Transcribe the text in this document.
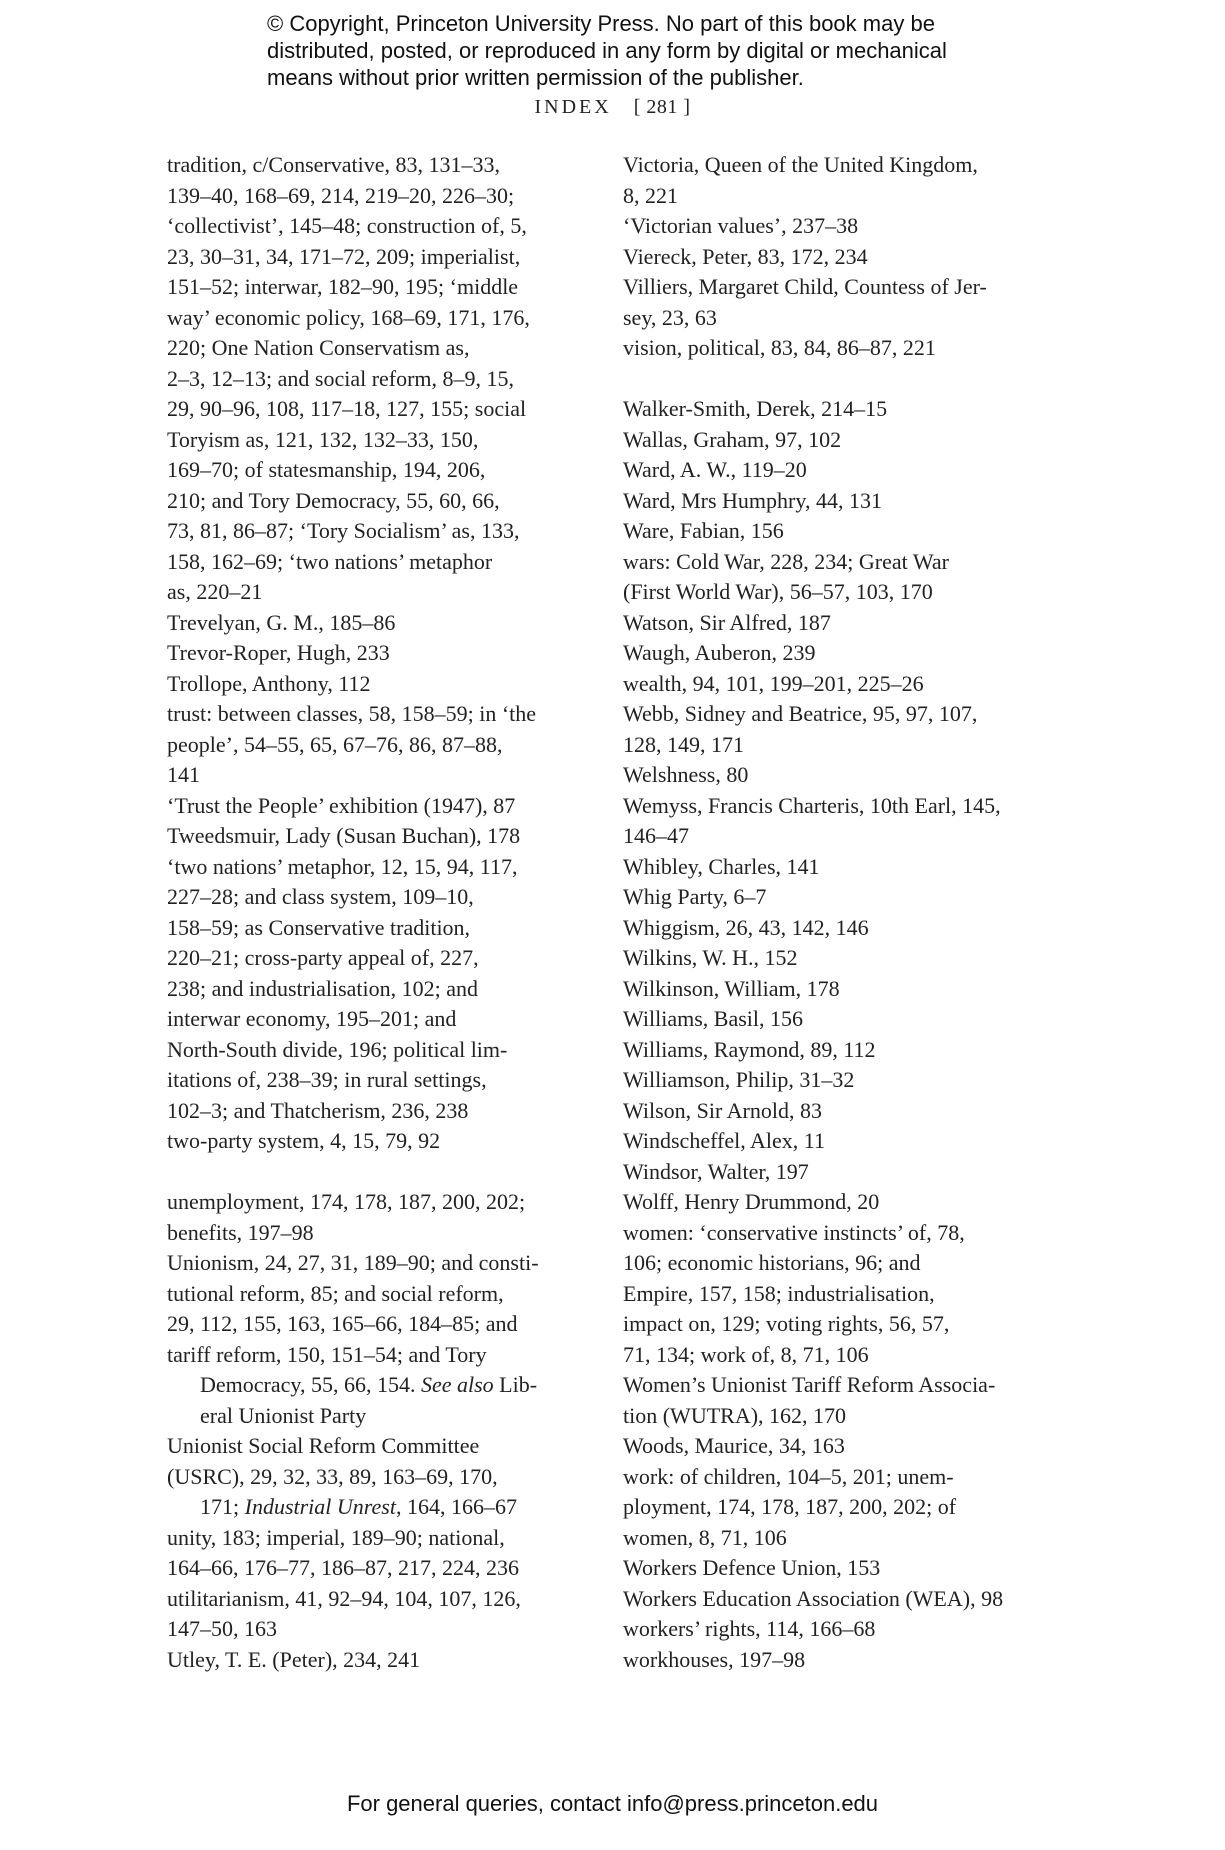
© Copyright, Princeton University Press. No part of this book may be
distributed, posted, or reproduced in any form by digital or mechanical
means without prior written permission of the publisher.
INDEX [ 281 ]
tradition, c/Conservative, 83, 131–33,
139–40, 168–69, 214, 219–20, 226–30;
‘collectivist’, 145–48; construction of, 5,
23, 30–31, 34, 171–72, 209; imperialist,
151–52; interwar, 182–90, 195; ‘middle
way’ economic policy, 168–69, 171, 176,
220; One Nation Conservatism as,
2–3, 12–13; and social reform, 8–9, 15,
29, 90–96, 108, 117–18, 127, 155; social
Toryism as, 121, 132, 132–33, 150,
169–70; of statesmanship, 194, 206,
210; and Tory Democracy, 55, 60, 66,
73, 81, 86–87; ‘Tory Socialism’ as, 133,
158, 162–69; ‘two nations’ metaphor
as, 220–21
Trevelyan, G. M., 185–86
Trevor-Roper, Hugh, 233
Trollope, Anthony, 112
trust: between classes, 58, 158–59; in ‘the
people’, 54–55, 65, 67–76, 86, 87–88,
141
‘Trust the People’ exhibition (1947), 87
Tweedsmuir, Lady (Susan Buchan), 178
‘two nations’ metaphor, 12, 15, 94, 117,
227–28; and class system, 109–10,
158–59; as Conservative tradition,
220–21; cross-party appeal of, 227,
238; and industrialisation, 102; and
interwar economy, 195–201; and
North-South divide, 196; political lim-
itations of, 238–39; in rural settings,
102–3; and Thatcherism, 236, 238
two-party system, 4, 15, 79, 92
unemployment, 174, 178, 187, 200, 202;
benefits, 197–98
Unionism, 24, 27, 31, 189–90; and consti-
tutional reform, 85; and social reform,
29, 112, 155, 163, 165–66, 184–85; and
tariff reform, 150, 151–54; and Tory
Democracy, 55, 66, 154. See also Lib-
eral Unionist Party
Unionist Social Reform Committee
(USRC), 29, 32, 33, 89, 163–69, 170,
171; Industrial Unrest, 164, 166–67
unity, 183; imperial, 189–90; national,
164–66, 176–77, 186–87, 217, 224, 236
utilitarianism, 41, 92–94, 104, 107, 126,
147–50, 163
Utley, T. E. (Peter), 234, 241
Victoria, Queen of the United Kingdom,
8, 221
‘Victorian values’, 237–38
Viereck, Peter, 83, 172, 234
Villiers, Margaret Child, Countess of Jer-
sey, 23, 63
vision, political, 83, 84, 86–87, 221
Walker-Smith, Derek, 214–15
Wallas, Graham, 97, 102
Ward, A. W., 119–20
Ward, Mrs Humphry, 44, 131
Ware, Fabian, 156
wars: Cold War, 228, 234; Great War
(First World War), 56–57, 103, 170
Watson, Sir Alfred, 187
Waugh, Auberon, 239
wealth, 94, 101, 199–201, 225–26
Webb, Sidney and Beatrice, 95, 97, 107,
128, 149, 171
Welshness, 80
Wemyss, Francis Charteris, 10th Earl, 145,
146–47
Whibley, Charles, 141
Whig Party, 6–7
Whiggism, 26, 43, 142, 146
Wilkins, W. H., 152
Wilkinson, William, 178
Williams, Basil, 156
Williams, Raymond, 89, 112
Williamson, Philip, 31–32
Wilson, Sir Arnold, 83
Windscheffel, Alex, 11
Windsor, Walter, 197
Wolff, Henry Drummond, 20
women: ‘conservative instincts’ of, 78,
106; economic historians, 96; and
Empire, 157, 158; industrialisation,
impact on, 129; voting rights, 56, 57,
71, 134; work of, 8, 71, 106
Women’s Unionist Tariff Reform Associa-
tion (WUTRA), 162, 170
Woods, Maurice, 34, 163
work: of children, 104–5, 201; unem-
ployment, 174, 178, 187, 200, 202; of
women, 8, 71, 106
Workers Defence Union, 153
Workers Education Association (WEA), 98
workers’ rights, 114, 166–68
workhouses, 197–98
For general queries, contact info@press.princeton.edu
